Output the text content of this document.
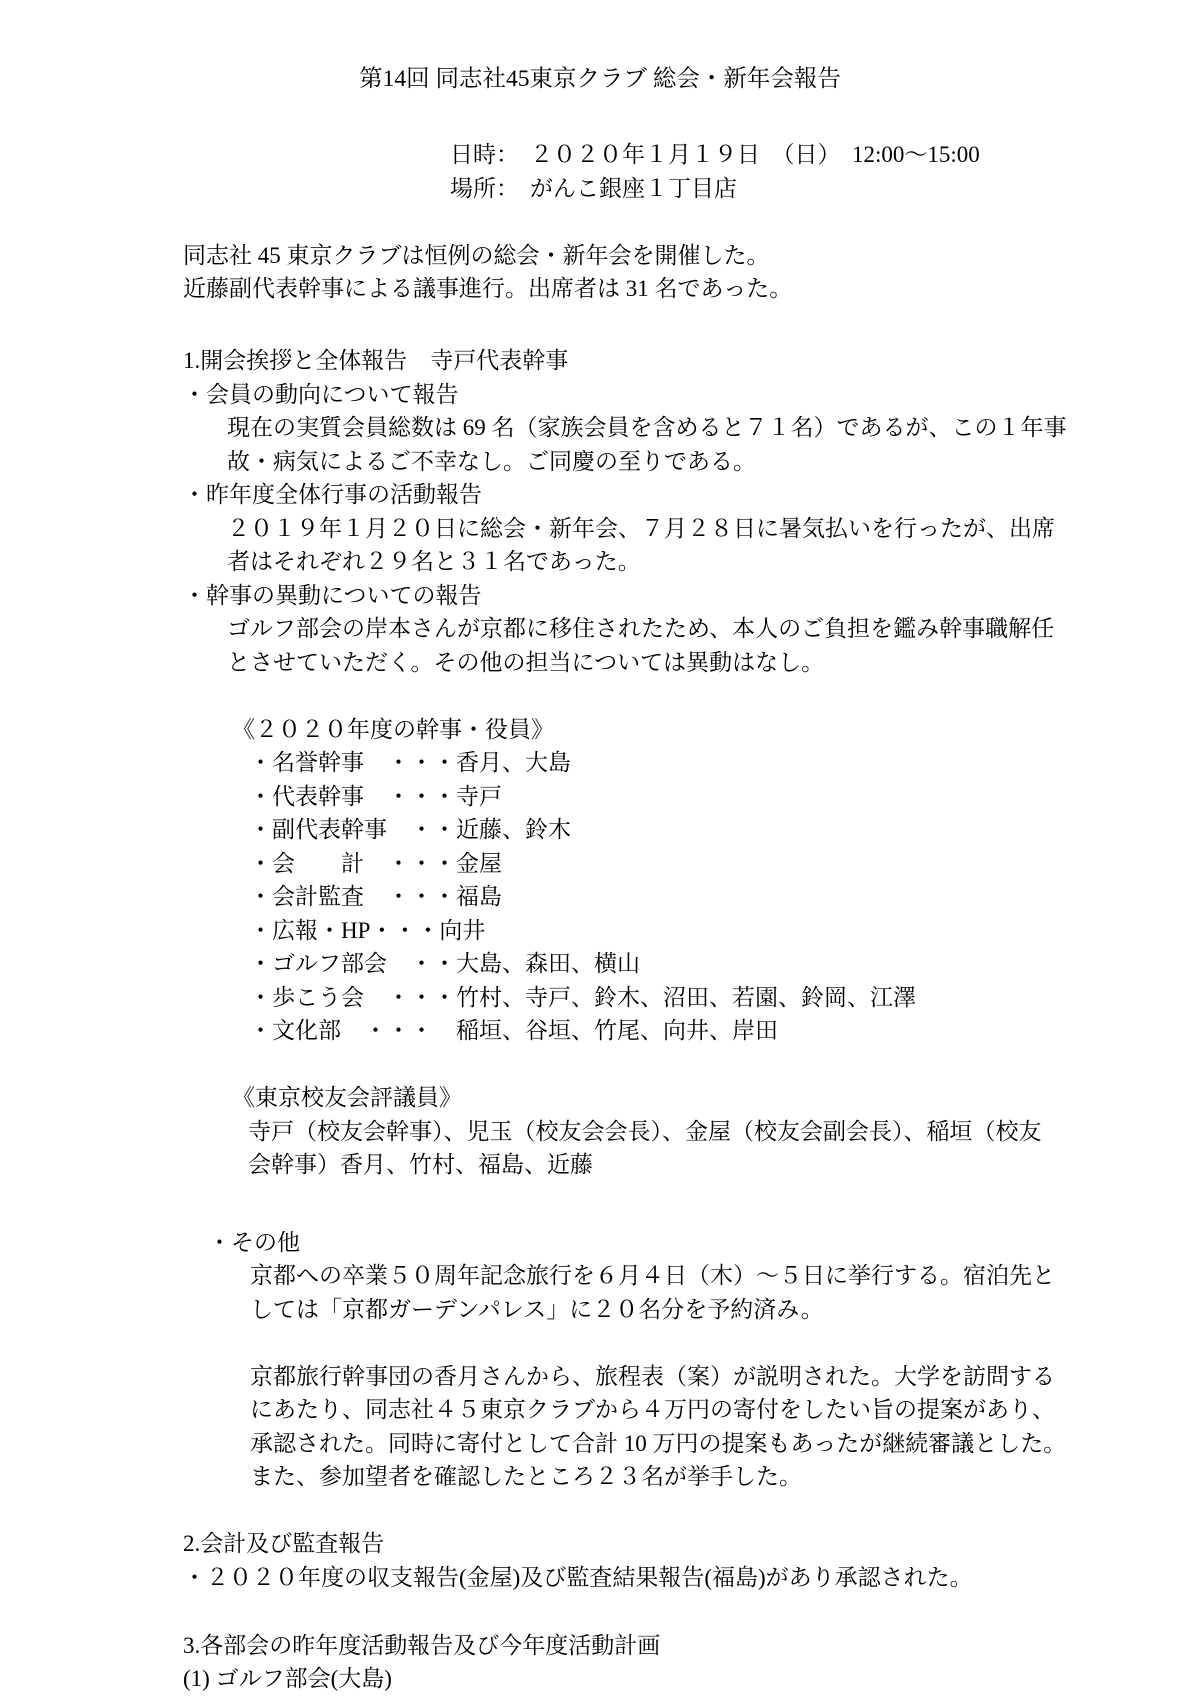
第14回 同志社45東京クラブ 総会・新年会報告
日時： ２０２０年１月１９日　（日）　12:00～15:00
場所： がんこ銀座１丁目店
同志社 45 東京クラブは恒例の総会・新年会を開催した。
近藤副代表幹事による議事進行。出席者は 31 名であった。
1.開会挨拶と全体報告　寺戸代表幹事
・会員の動向について報告
現在の実質会員総数は 69 名（家族会員を含めると７１名）であるが、この１年事
故・病気によるご不幸なし。ご同慶の至りである。
・昨年度全体行事の活動報告
２０１９年１月２０日に総会・新年会、７月２８日に暑気払いを行ったが、出席
者はそれぞれ２９名と３１名であった。
・幹事の異動についての報告
ゴルフ部会の岸本さんが京都に移住されたため、本人のご負担を鑑み幹事職解任
とさせていただく。その他の担当については異動はなし。
《２０２０年度の幹事・役員》
・名誉幹事　・・・香月、大島
・代表幹事　・・・寺戸
・副代表幹事　・・近藤、鈴木
・会　　計　・・・金屋
・会計監査　・・・福島
・広報・HP・・・向井
・ゴルフ部会　・・大島、森田、横山
・歩こう会　・・・竹村、寺戸、鈴木、沼田、若園、鈴岡、江澤
・文化部　・・・　稲垣、谷垣、竹尾、向井、岸田
《東京校友会評議員》
寺戸（校友会幹事）、児玉（校友会会長）、金屋（校友会副会長）、稲垣（校友
会幹事）香月、竹村、福島、近藤
・その他
京都への卒業５０周年記念旅行を６月４日（木）～５日に挙行する。宿泊先と
しては「京都ガーデンパレス」に２０名分を予約済み。
京都旅行幹事団の香月さんから、旅程表（案）が説明された。大学を訪問する
にあたり、同志社４５東京クラブから４万円の寄付をしたい旨の提案があり、
承認された。同時に寄付として合計 10 万円の提案もあったが継続審議とした。
また、参加望者を確認したところ２３名が挙手した。
2.会計及び監査報告
・２０２０年度の収支報告(金屋)及び監査結果報告(福島)があり承認された。
3.各部会の昨年度活動報告及び今年度活動計画
(1) ゴルフ部会(大島)
